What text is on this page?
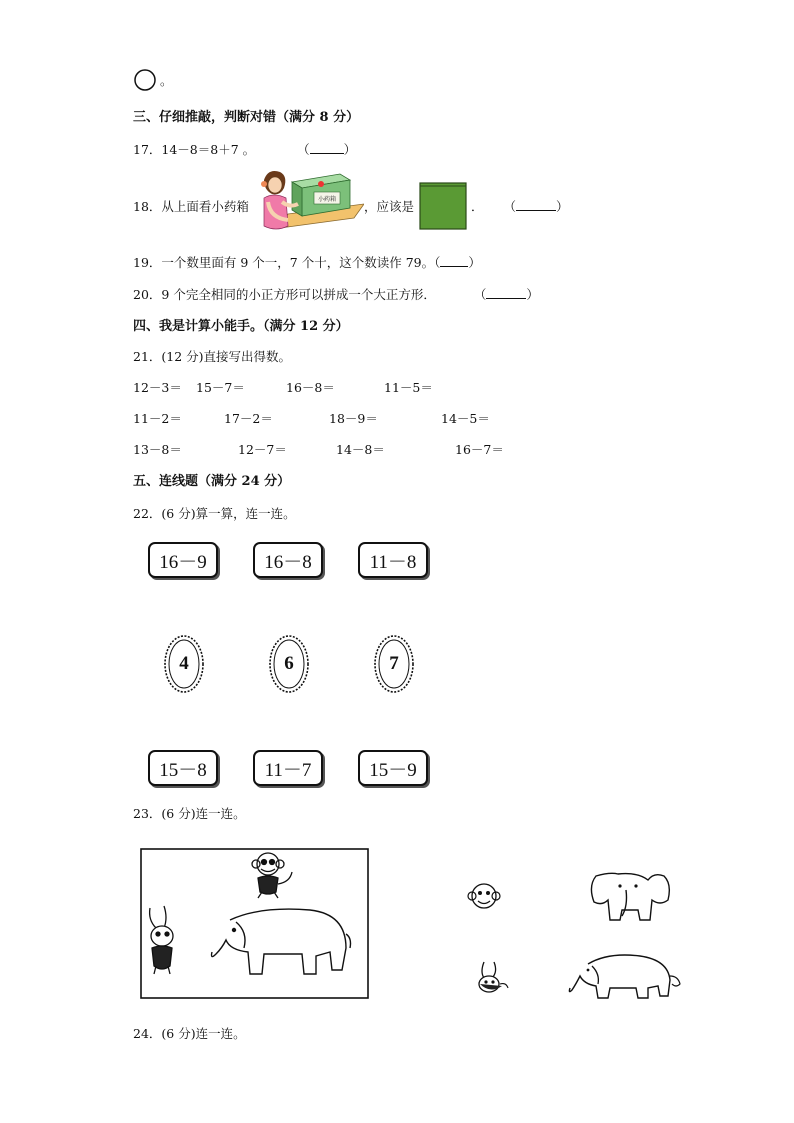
。
三、仔细推敲，判断对错（满分 8 分）
17．14－8＝8＋7 。	（	）
18．从上面看小药箱	小药箱 ，应该是	． （	）
19．一个数里面有 9 个一，7 个十，这个数读作 79。（ ）
20．9 个完全相同的小正方形可以拼成一个大正方形．	（	）
四、我是计算小能手。（满分 12 分）
21．(12 分)直接写出得数。
12－3＝ 15－7＝	16－8＝	11－5＝
11－2＝	17－2＝	18－9＝	14－5＝
13－8＝	12－7＝	14－8＝	16－7＝
五、连线题（满分 24 分）
22．(6 分)算一算，连一连。
16－9	16－8	11－8
4	6	7
15－8	11－7	15－9
23．(6 分)连一连。
24．(6 分)连一连。
